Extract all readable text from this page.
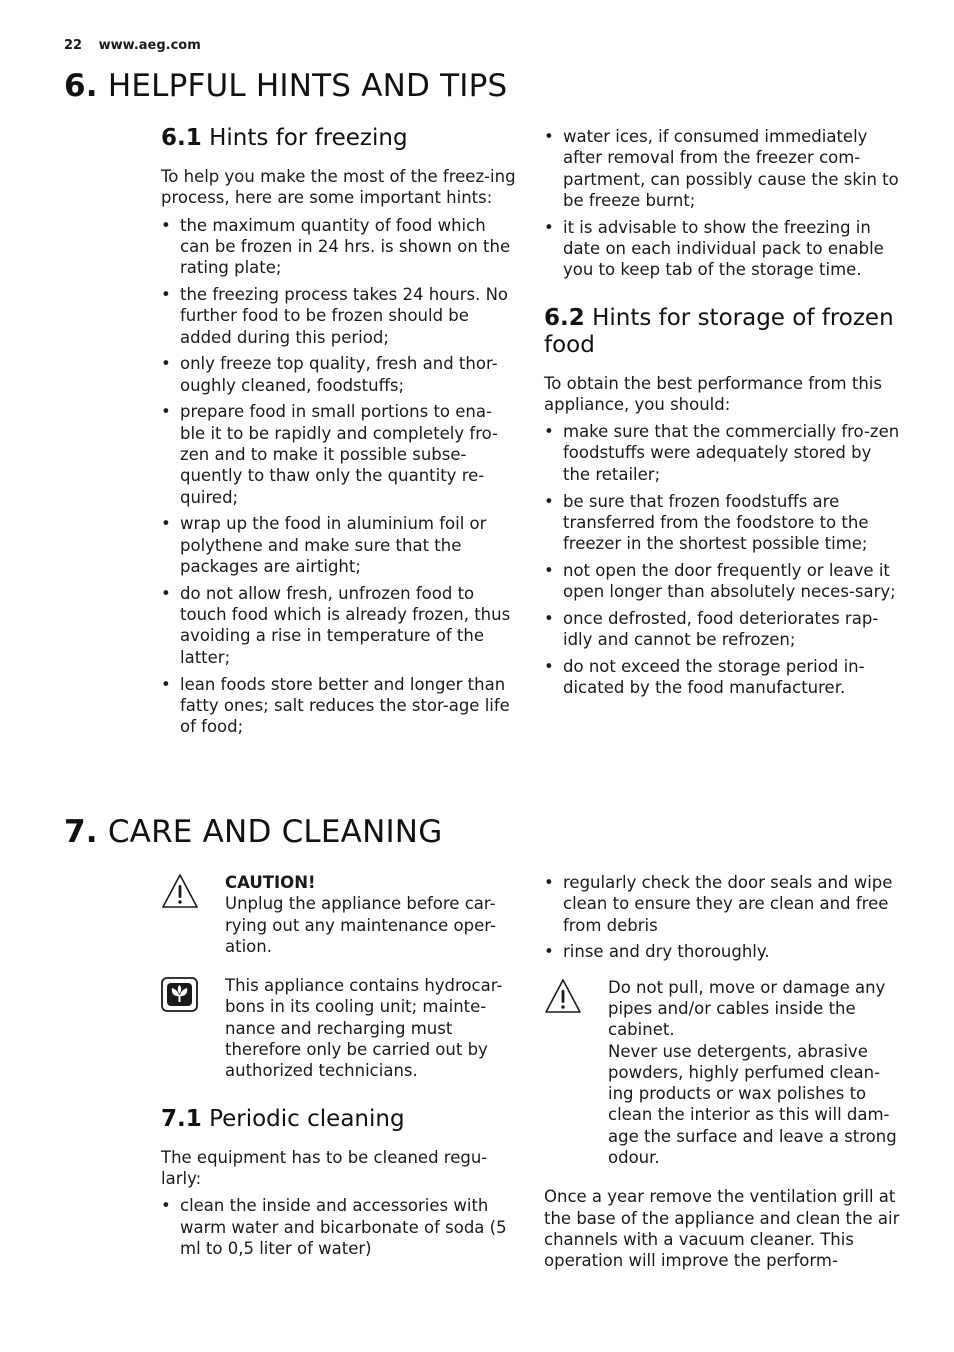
22 www.aeg.com
6. HELPFUL HINTS AND TIPS
6.1 Hints for freezing

To help you make the most of the freez-ing process, here are some important hints:

• the maximum quantity of food which can be frozen in 24 hrs. is shown on the rating plate;
• the freezing process takes 24 hours. No further food to be frozen should be added during this period;
• only freeze top quality, fresh and thor-oughly cleaned, foodstuffs;
• prepare food in small portions to ena-ble it to be rapidly and completely fro-zen and to make it possible subse-quently to thaw only the quantity re-quired;
• wrap up the food in aluminium foil or polythene and make sure that the packages are airtight;
• do not allow fresh, unfrozen food to touch food which is already frozen, thus avoiding a rise in temperature of the latter;
• lean foods store better and longer than fatty ones; salt reduces the stor-age life of food;
• water ices, if consumed immediately after removal from the freezer com-partment, can possibly cause the skin to be freeze burnt;
• it is advisable to show the freezing in date on each individual pack to enable you to keep tab of the storage time.
6.2 Hints for storage of frozen food

To obtain the best performance from this appliance, you should:

• make sure that the commercially fro-zen foodstuffs were adequately stored by the retailer;
• be sure that frozen foodstuffs are transferred from the foodstore to the freezer in the shortest possible time;
• not open the door frequently or leave it open longer than absolutely neces-sary;
• once defrosted, food deteriorates rap-idly and cannot be refrozen;
• do not exceed the storage period in-dicated by the food manufacturer.
7. CARE AND CLEANING
CAUTION!
Unplug the appliance before car-rying out any maintenance oper-ation.
This appliance contains hydrocar-bons in its cooling unit; mainte-nance and recharging must therefore only be carried out by authorized technicians.
7.1 Periodic cleaning

The equipment has to be cleaned regu-larly:

• clean the inside and accessories with warm water and bicarbonate of soda (5 ml to 0,5 liter of water)
• regularly check the door seals and wipe clean to ensure they are clean and free from debris
• rinse and dry thoroughly.
Do not pull, move or damage any pipes and/or cables inside the cabinet.
Never use detergents, abrasive powders, highly perfumed clean-ing products or wax polishes to clean the interior as this will dam-age the surface and leave a strong odour.

Once a year remove the ventilation grill at the base of the appliance and clean the air channels with a vacuum cleaner. This operation will improve the perform-
